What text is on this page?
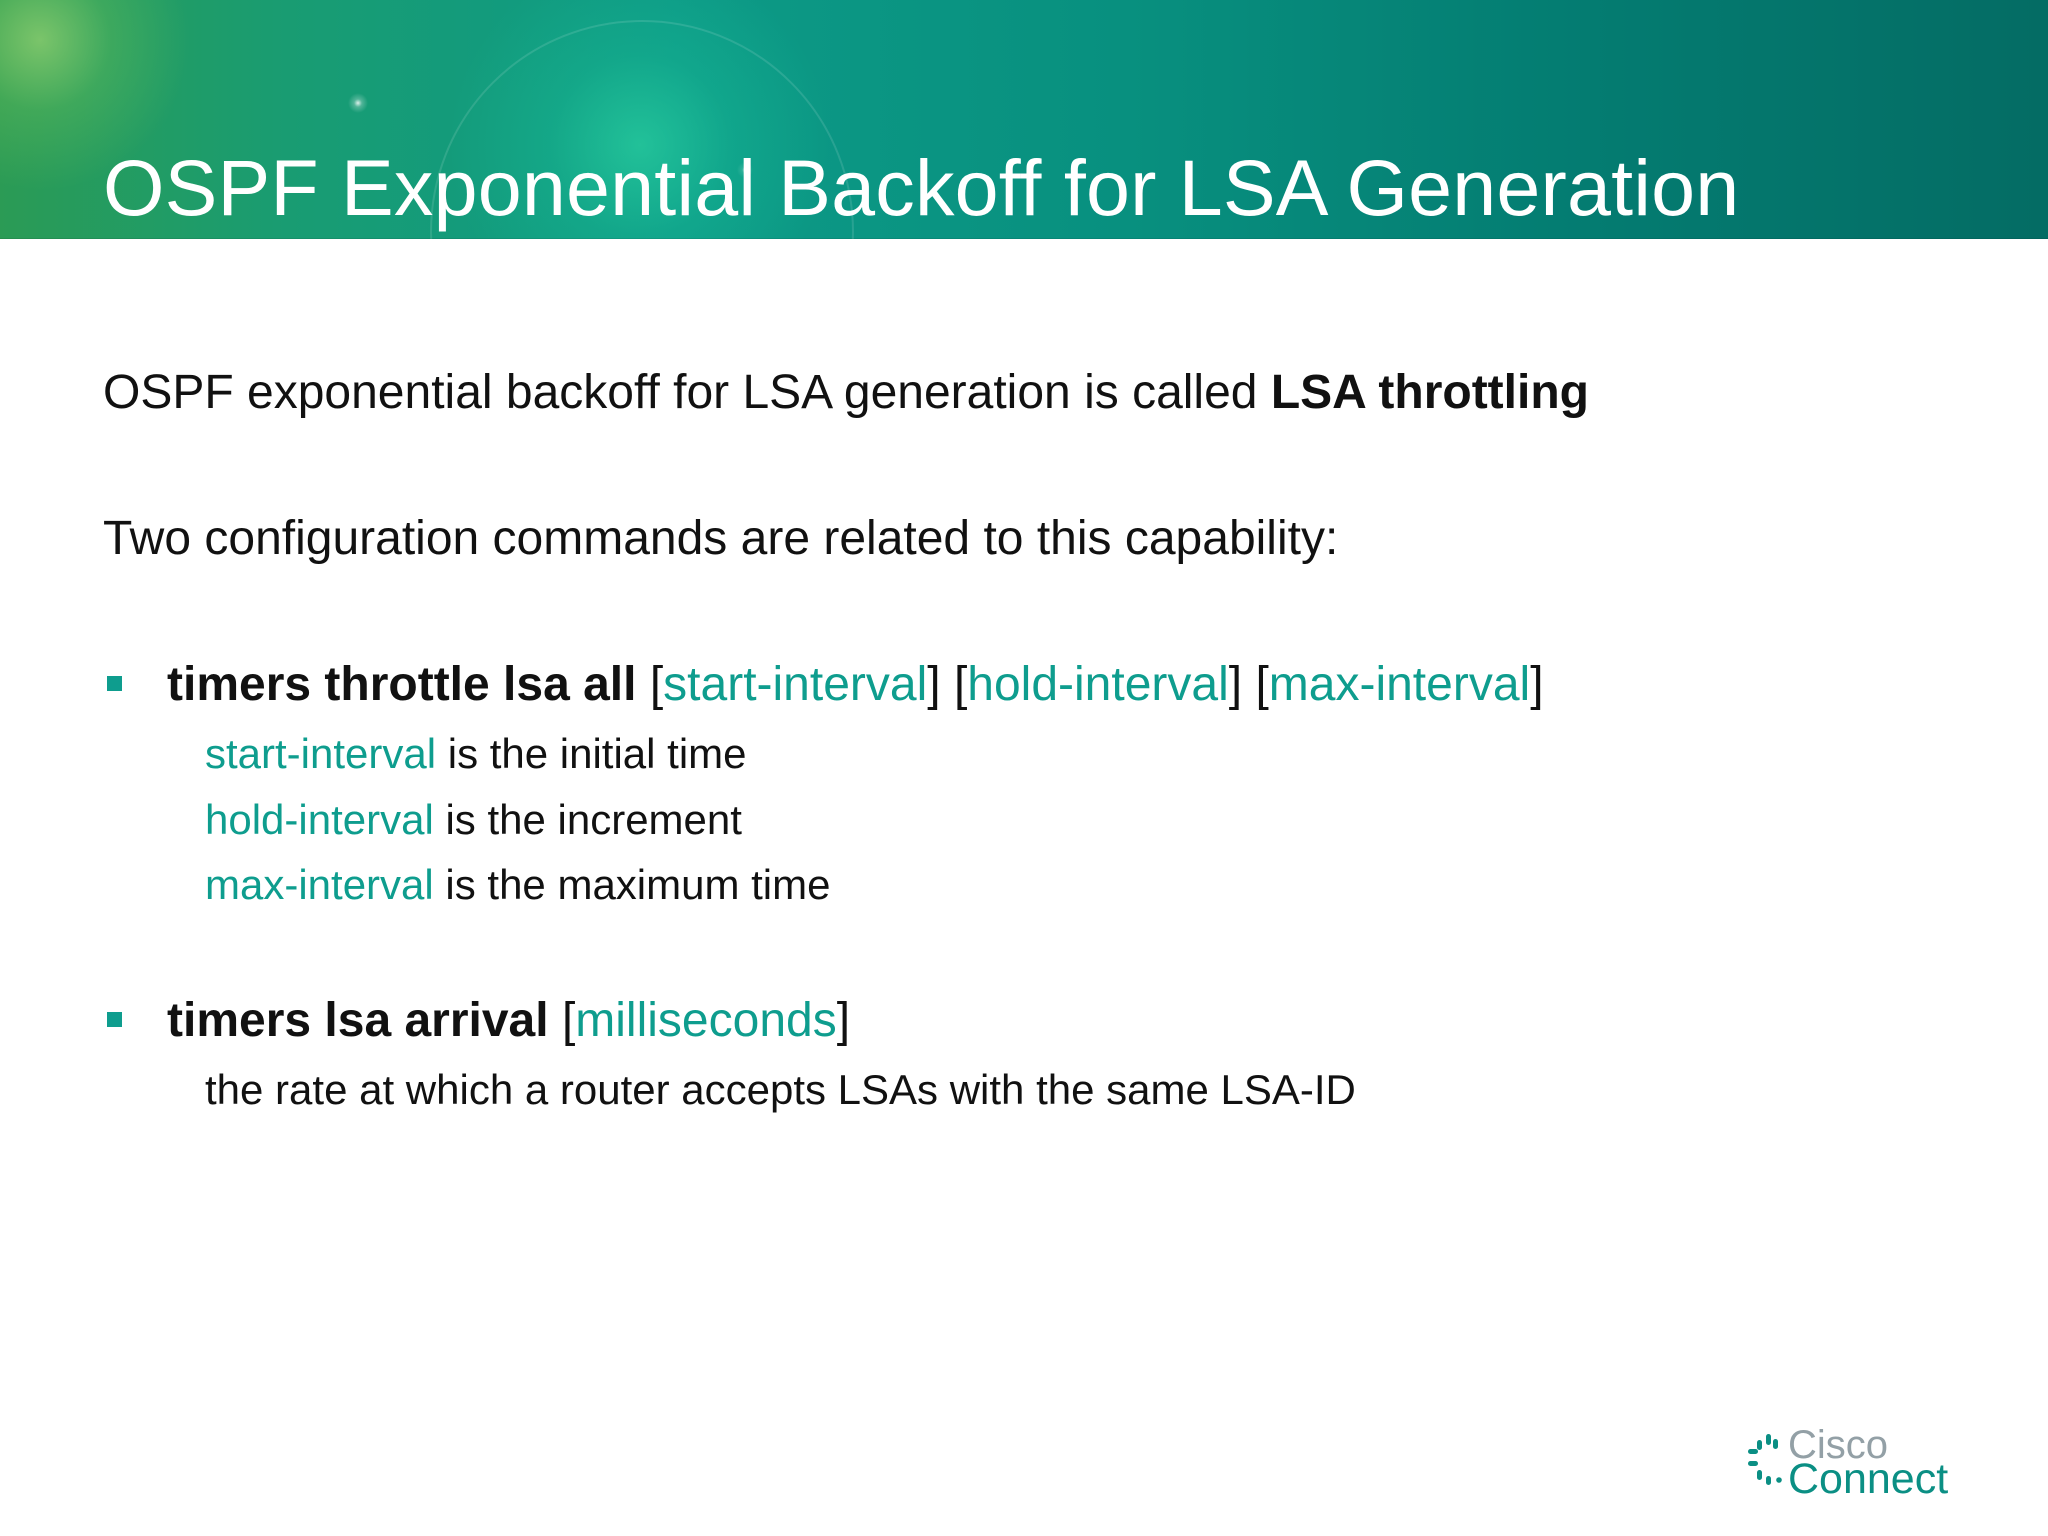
OSPF Exponential Backoff for LSA Generation

OSPF exponential backoff for LSA generation is called LSA throttling

Two configuration commands are related to this capability:

timers throttle lsa all [start-interval] [hold-interval] [max-interval]

start-interval is the initial time

hold-interval is the increment

max-interval is the maximum time

timers lsa arrival [milliseconds]

the rate at which a router accepts LSAs with the same LSA-ID

Cisco
Connect
